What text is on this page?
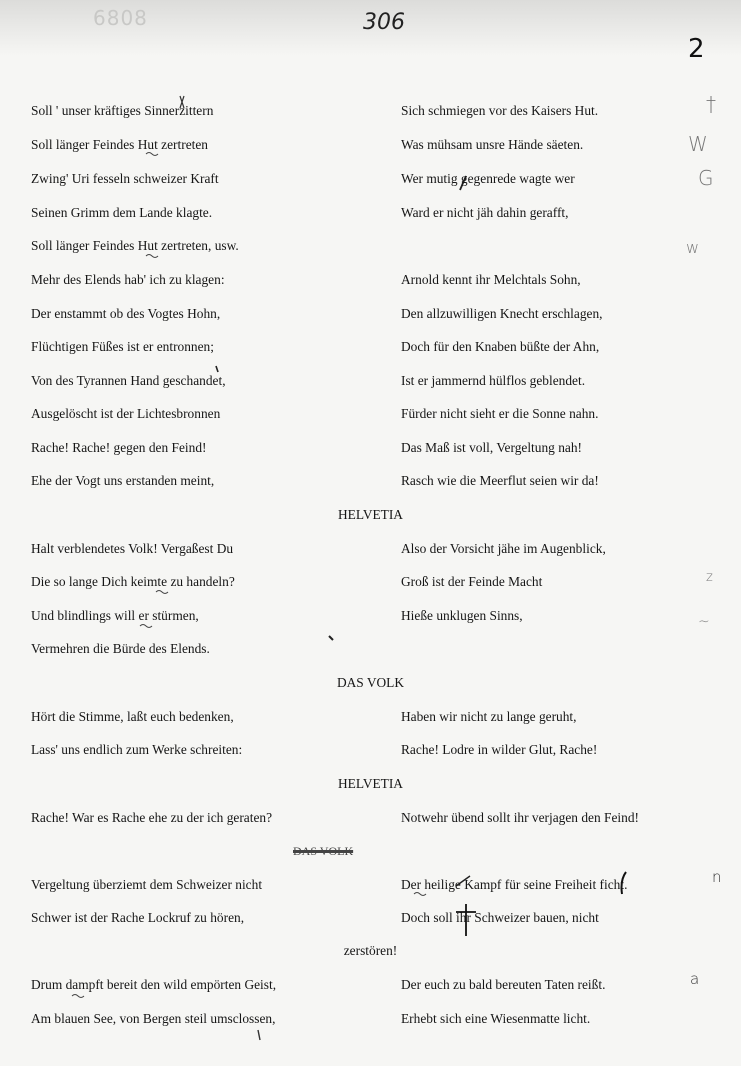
6808	306
2
†
W
G
w
z
~
n
a
Soll ' unser kräftiges Sinnerzittern	Sich schmiegen vor des Kaisers Hut.
Soll länger Feindes Hut zertreten	Was mühsam unsre Hände säeten.
Zwing' Uri fesseln schweizer Kraft	Wer mutig gegenrede wagte wer
Seinen Grimm dem Lande klagte.	Ward er nicht jäh dahin gerafft,
Soll länger Feindes Hut zertreten, usw.
Mehr des Elends hab' ich zu klagen:	Arnold kennt ihr Melchtals Sohn,
Der enstammt ob des Vogtes Hohn,	Den allzuwilligen Knecht erschlagen,
Flüchtigen Füßes ist er entronnen;	Doch für den Knaben büßte der Ahn,
Von des Tyrannen Hand geschandet,	Ist er jammernd hülflos geblendet.
Ausgelöscht ist der Lichtesbronnen	Fürder nicht sieht er die Sonne nahn.
Rache! Rache! gegen den Feind!	Das Maß ist voll, Vergeltung nah!
Ehe der Vogt uns erstanden meint,	Rasch wie die Meerflut seien wir da!
HELVETIA
Halt verblendetes Volk! Vergaßest Du	Also der Vorsicht jähe im Augenblick,
Die so lange Dich keimte zu handeln?	Groß ist der Feinde Macht
Und blindlings will er stürmen,	Hieße unklugen Sinns,
Vermehren die Bürde des Elends.
DAS VOLK
Hört die Stimme, laßt euch bedenken,	Haben wir nicht zu lange geruht,
Lass' uns endlich zum Werke schreiten:	Rache! Lodre in wilder Glut, Rache!
HELVETIA
Rache! War es Rache ehe zu der ich geraten?	Notwehr übend sollt ihr verjagen den Feind!
DAS VOLK
Vergeltung überziemt dem Schweizer nicht	Der heilige Kampf für seine Freiheit ficht.
Schwer ist der Rache Lockruf zu hören,	Doch soll ihr Schweizer bauen, nicht
zerstören!
Drum dampft bereit den wild empörten Geist,	Der euch zu bald bereuten Taten reißt.
Am blauen See, von Bergen steil umsclossen,	Erhebt sich eine Wiesenmatte licht.
